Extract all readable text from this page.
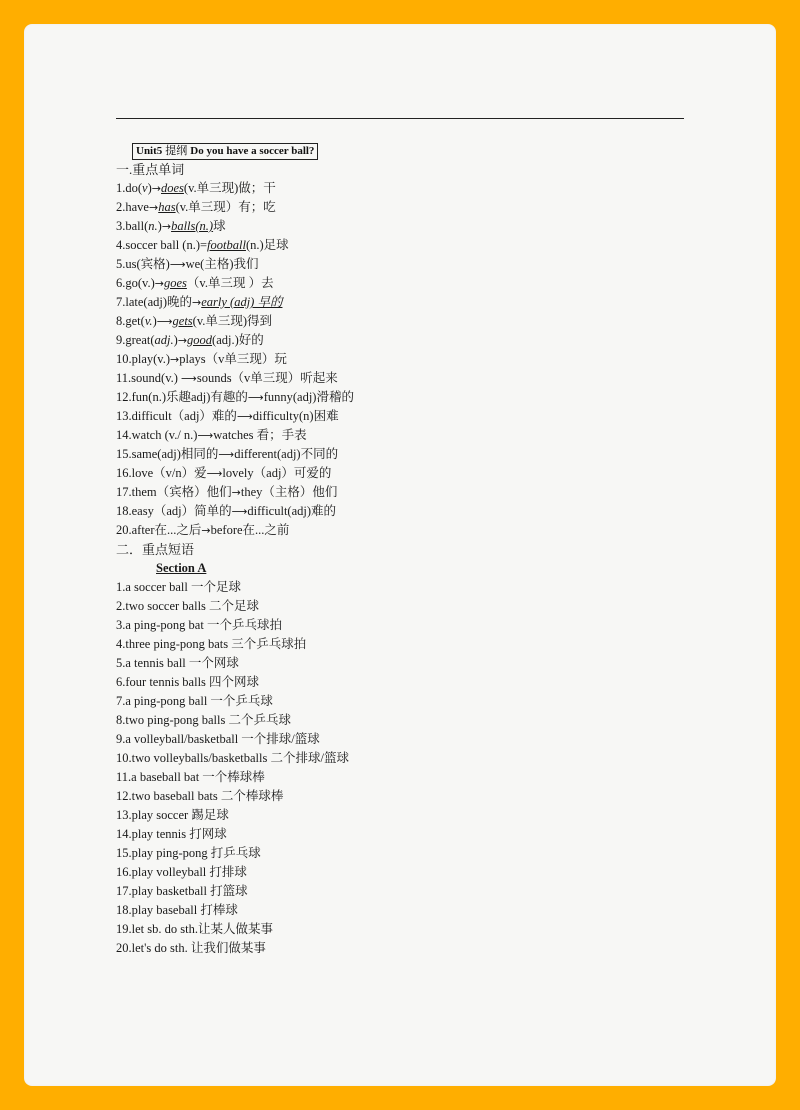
Unit5 提纲 Do you have a soccer ball?
一.重点单词
1.do(v)→does(v.单三现)做；干
2.have→has(v.单三现）有；吃
3.ball(n.)→balls(n.)球
4.soccer ball (n.)=football(n.)足球
5.us(宾格)⟶we(主格)我们
6.go(v.)→goes（v.单三现 ）去
7.late(adj)晚的→early (adj) 早的
8.get(v.)⟶gets(v.单三现)得到
9.great(adj.)→good(adj.)好的
10.play(v.)→plays（v单三现）玩
11.sound(v.) ⟶sounds（v单三现）听起来
12.fun(n.)乐趣adj)有趣的⟶funny(adj)滑稽的
13.difficult（adj）难的⟶difficulty(n)困难
14.watch (v./ n.)⟶watches 看；手表
15.same(adj)相同的⟶different(adj)不同的
16.love（v/n）爱⟶lovely（adj）可爱的
17.them（宾格）他们→they（主格）他们
18.easy（adj）简单的⟶difficult(adj)难的
20.after在...之后→before在...之前
二．重点短语
Section A
1.a soccer ball 一个足球
2.two soccer balls 二个足球
3.a ping-pong bat 一个乒乓球拍
4.three ping-pong bats 三个乒乓球拍
5.a tennis ball 一个网球
6.four tennis balls 四个网球
7.a ping-pong ball 一个乒乓球
8.two ping-pong balls 二个乒乓球
9.a volleyball/basketball 一个排球/篮球
10.two volleyballs/basketballs 二个排球/篮球
11.a baseball bat 一个棒球棒
12.two baseball bats 二个棒球棒
13.play soccer 踢足球
14.play tennis 打网球
15.play ping-pong 打乒乓球
16.play volleyball 打排球
17.play basketball 打篮球
18.play baseball 打棒球
19.let sb. do sth.让某人做某事
20.let's do sth. 让我们做某事
